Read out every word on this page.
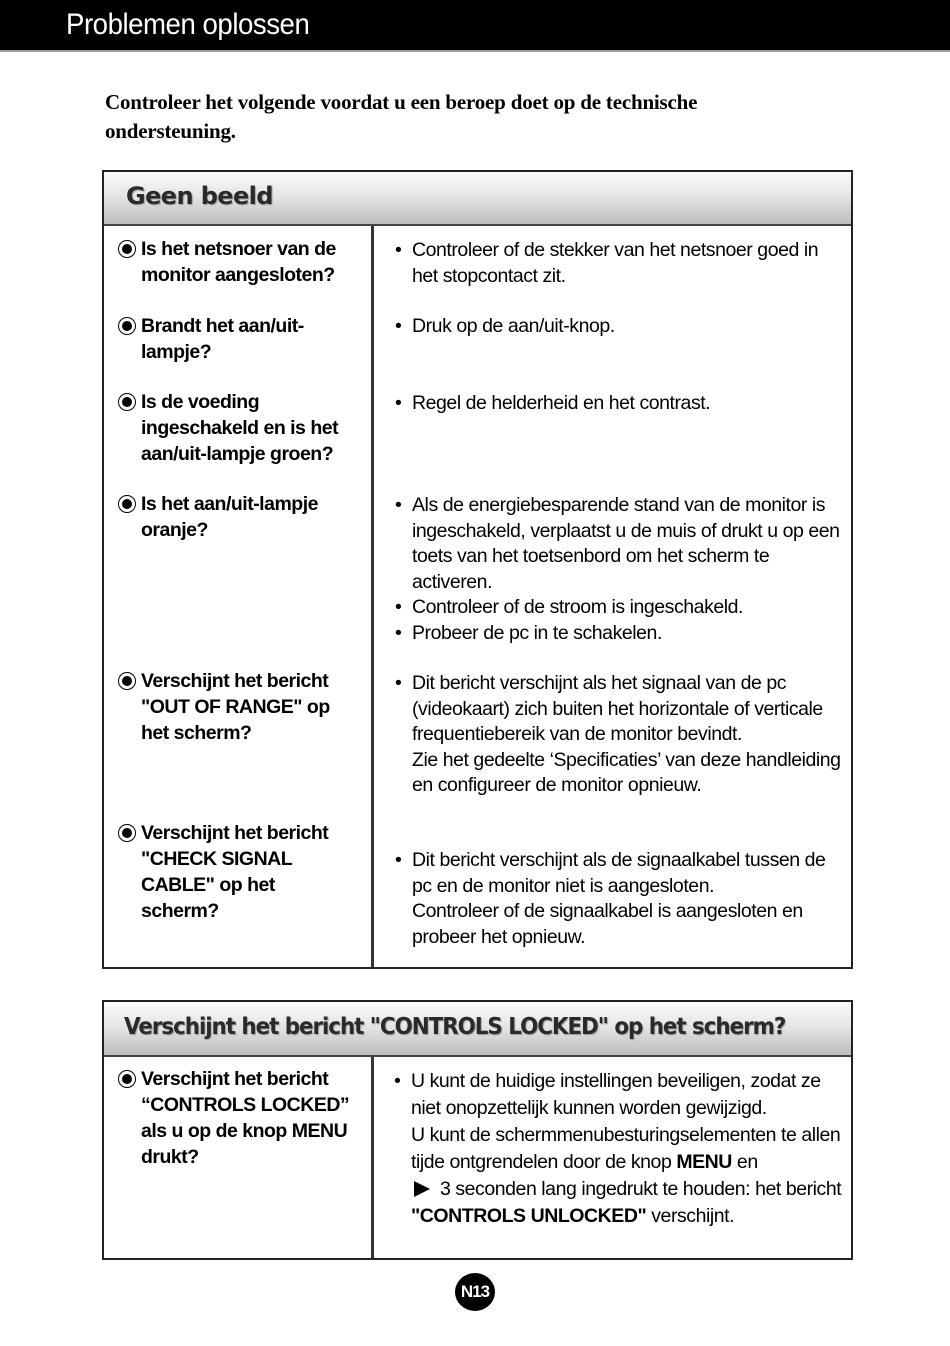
Problemen oplossen
Controleer het volgende voordat u een beroep doet op de technische ondersteuning.
Geen beeld
Is het netsnoer van de monitor aangesloten?
• Controleer of de stekker van het netsnoer goed in het stopcontact zit.
Brandt het aan/uit-lampje?
• Druk op de aan/uit-knop.
Is de voeding ingeschakeld en is het aan/uit-lampje groen?
• Regel de helderheid en het contrast.
Is het aan/uit-lampje oranje?
• Als de energiebesparende stand van de monitor is ingeschakeld, verplaatst u de muis of drukt u op een toets van het toetsenbord om het scherm te activeren.
• Controleer of de stroom is ingeschakeld.
• Probeer de pc in te schakelen.
Verschijnt het bericht "OUT OF RANGE" op het scherm?
• Dit bericht verschijnt als het signaal van de pc (videokaart) zich buiten het horizontale of verticale frequentiebereik van de monitor bevindt.
Zie het gedeelte ‘Specificaties’ van deze handleiding en configureer de monitor opnieuw.
Verschijnt het bericht "CHECK SIGNAL CABLE" op het scherm?
• Dit bericht verschijnt als de signaalkabel tussen de pc en de monitor niet is aangesloten.
Controleer of de signaalkabel is aangesloten en probeer het opnieuw.
Verschijnt het bericht "CONTROLS LOCKED" op het scherm?
Verschijnt het bericht “CONTROLS LOCKED” als u op de knop MENU drukt?
• U kunt de huidige instellingen beveiligen, zodat ze niet onopzettelijk kunnen worden gewijzigd.
U kunt de schermmenubesturingselementen te allen tijde ontgrendelen door de knop MENU en
3 seconden lang ingedrukt te houden: het bericht "CONTROLS UNLOCKED" verschijnt.
N13
